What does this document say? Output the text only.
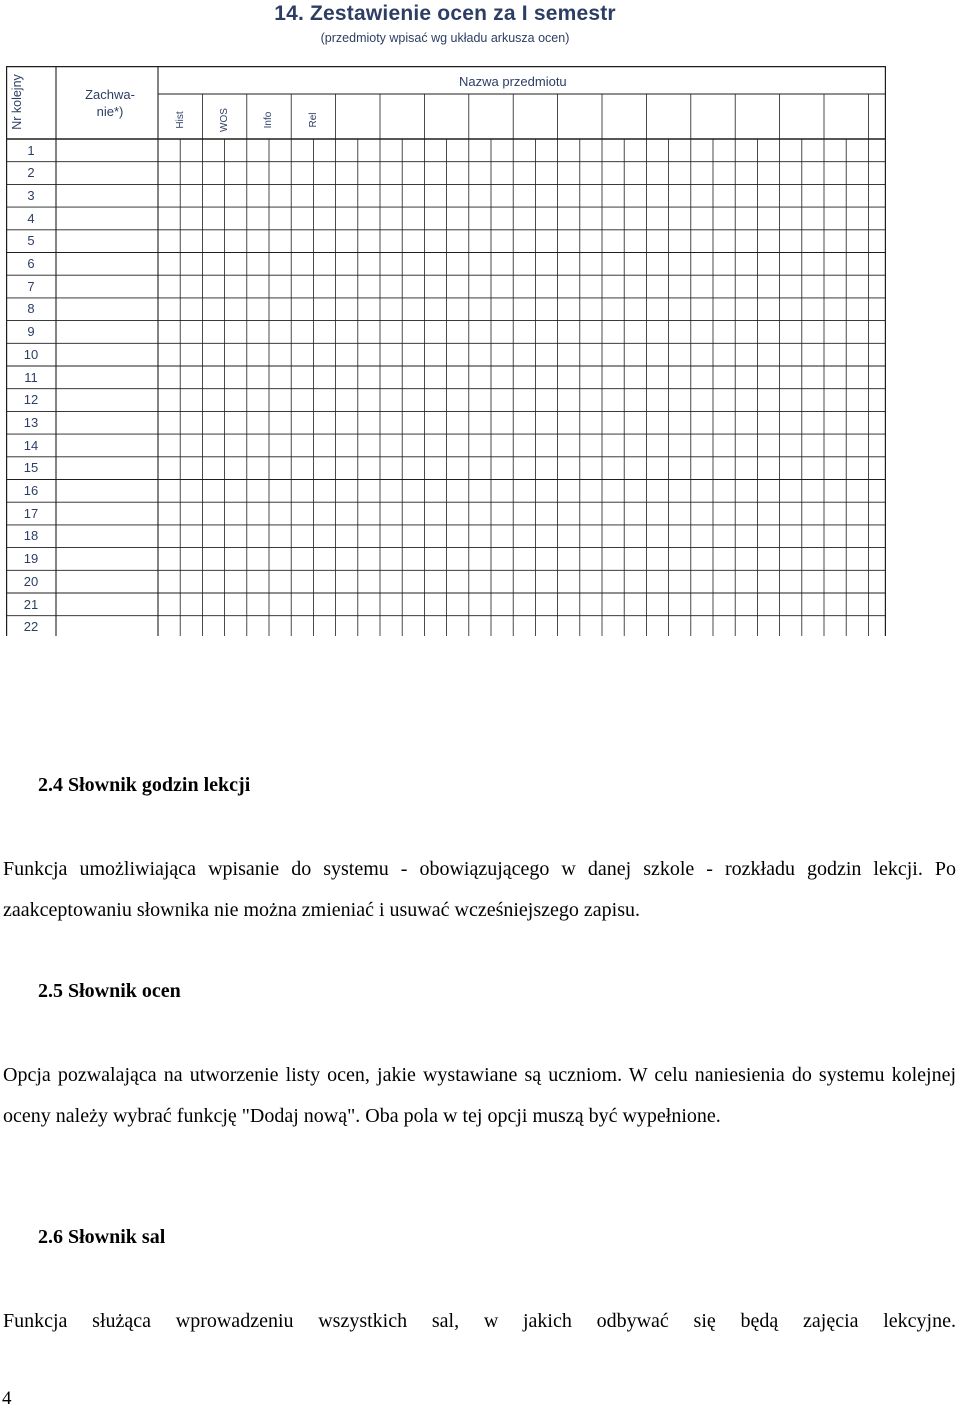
14. Zestawienie ocen za I semestr
(przedmioty wpisać wg układu arkusza ocen)
Nr kolejny	Zachwa-
nie*)
Nazwa przedmiotu
Hist	WOS	Info	Rel
1
2
3
4
5
6
7
8
9
10
11
12
13
14
15
16
17
18
19
20
21
22
2.4 Słownik godzin lekcji

Funkcja umożliwiająca wpisanie do systemu - obowiązującego w danej szkole - rozkładu godzin lekcji. Po zaakceptowaniu słownika nie można zmieniać i usuwać wcześniejszego zapisu.

2.5 Słownik ocen

Opcja pozwalająca na utworzenie listy ocen, jakie wystawiane są uczniom. W celu naniesienia do systemu kolejnej oceny należy wybrać funkcję "Dodaj nową". Oba pola w tej opcji muszą być wypełnione.

2.6 Słownik sal

Funkcja służąca wprowadzeniu wszystkich sal, w jakich odbywać się będą zajęcia lekcyjne.

4
